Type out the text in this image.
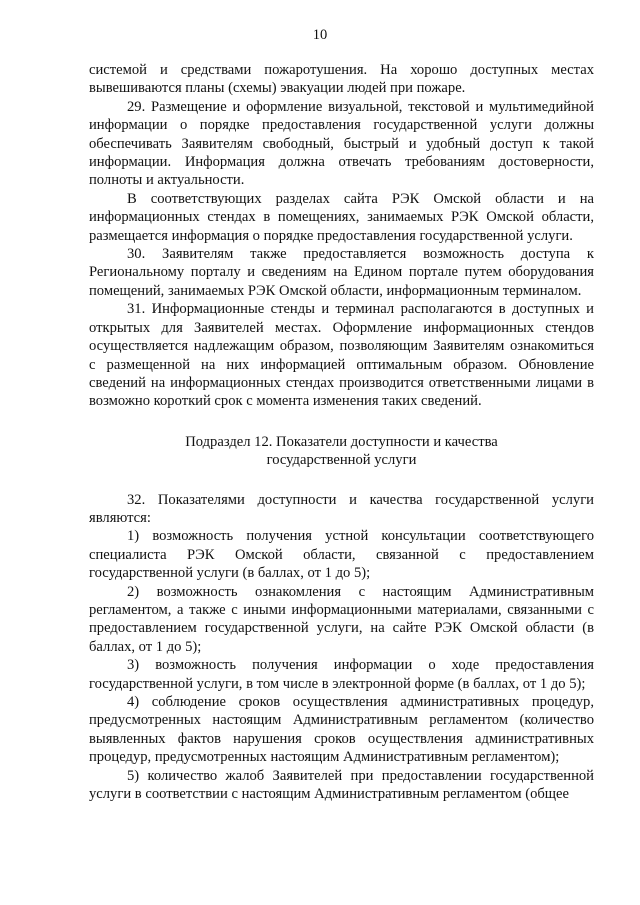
10

системой и средствами пожаротушения. На хорошо доступных местах вывешиваются планы (схемы) эвакуации людей при пожаре.

29. Размещение и оформление визуальной, текстовой и мультимедийной информации о порядке предоставления государственной услуги должны обеспечивать Заявителям свободный, быстрый и удобный доступ к такой информации. Информация должна отвечать требованиям достоверности, полноты и актуальности.

В соответствующих разделах сайта РЭК Омской области и на информационных стендах в помещениях, занимаемых РЭК Омской области, размещается информация о порядке предоставления государственной услуги.

30. Заявителям также предоставляется возможность доступа к Региональному порталу и сведениям на Едином портале путем оборудования помещений, занимаемых РЭК Омской области, информационным терминалом.

31. Информационные стенды и терминал располагаются в доступных и открытых для Заявителей местах. Оформление информационных стендов осуществляется надлежащим образом, позволяющим Заявителям ознакомиться с размещенной на них информацией оптимальным образом. Обновление сведений на информационных стендах производится ответственными лицами в возможно короткий срок с момента изменения таких сведений.

Подраздел 12. Показатели доступности и качества
государственной услуги

32. Показателями доступности и качества государственной услуги являются:

1) возможность получения устной консультации соответствующего специалиста РЭК Омской области, связанной с предоставлением государственной услуги (в баллах, от 1 до 5);

2) возможность ознакомления с настоящим Административным регламентом, а также с иными информационными материалами, связанными с предоставлением государственной услуги, на сайте РЭК Омской области (в баллах, от 1 до 5);

3) возможность получения информации о ходе предоставления государственной услуги, в том числе в электронной форме (в баллах, от 1 до 5);

4) соблюдение сроков осуществления административных процедур, предусмотренных настоящим Административным регламентом (количество выявленных фактов нарушения сроков осуществления административных процедур, предусмотренных настоящим Административным регламентом);

5) количество жалоб Заявителей при предоставлении государственной услуги в соответствии с настоящим Административным регламентом (общее
